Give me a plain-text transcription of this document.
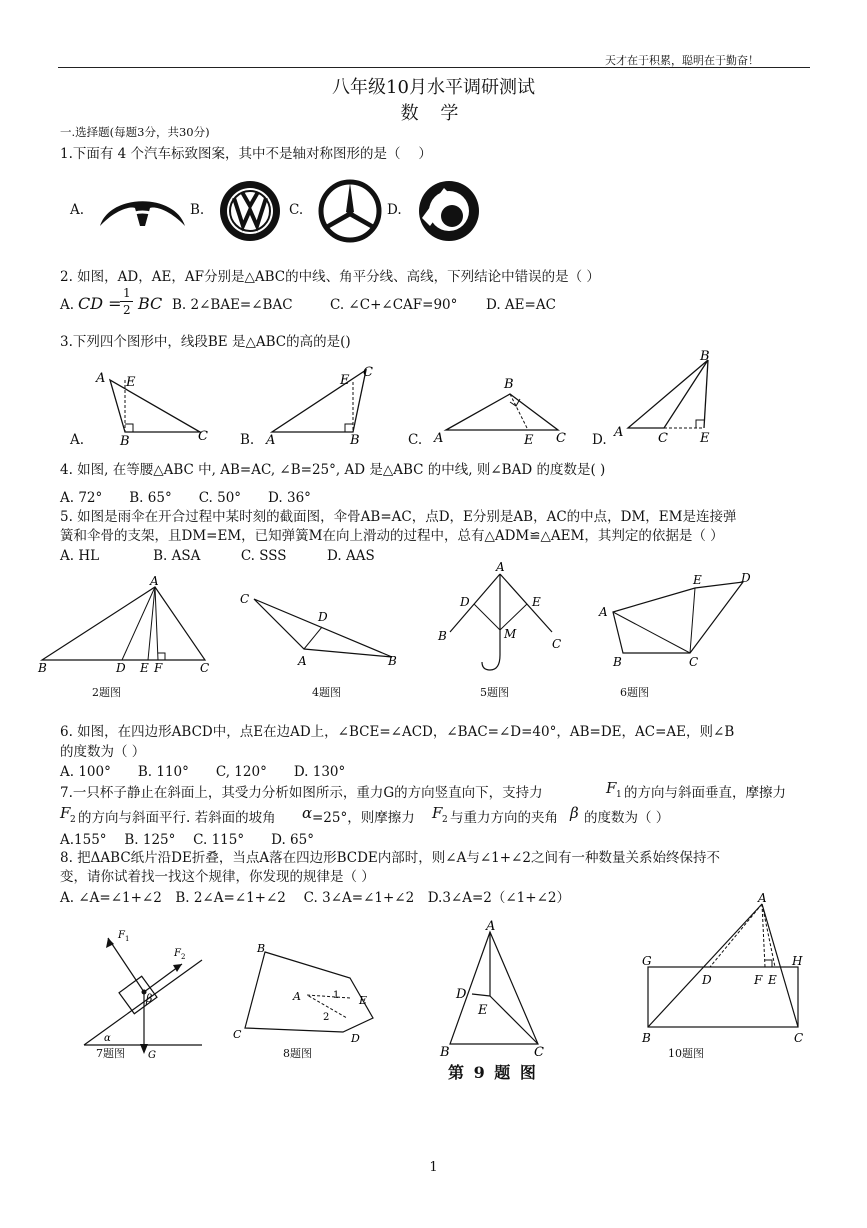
天才在于积累，聪明在于勤奋！
八年级10月水平调研测试
数 学
一.选择题(每题3分，共30分)
1.下面有 4 个汽车标致图案，其中不是轴对称图形的是（　 ）
A.	B.	C.	D.
2. 如图，AD，AE，AF分别是△ABC的中线、角平分线、高线，下列结论中错误的是（ ）
A. CD =
1
2 BC B. 2∠BAE=∠BAC	C. ∠C+∠CAF=90° D. AE=AC
3.下列四个图形中，线段BE 是△ABC的高的是()
A.	B.	C.	D.
A E
B	C	A
E
B
C
A
B
E C	A	C E
B
4. 如图, 在等腰△ABC 中, AB=AC, ∠B=25°, AD 是△ABC 的中线, 则∠BAD 的度数是( )
A. 72°　　B. 65°　　C. 50°　　D. 36°
5. 如图是雨伞在开合过程中某时刻的截面图，伞骨AB=AC，点D，E分别是AB，AC的中点，DM，EM是连接弹
簧和伞骨的支架，且DM=EM，已知弹簧M在向上滑动的过程中，总有△ADM≌△AEM，其判定的依据是（ ）
A. HL　　　　B. ASA　　　C. SSS　　　D. AAS
A
B	D E F	C
2题图
C
D
A	B
4题图
A
D	E
M
B
C
5题图
A
E	D
B	C
6题图
6. 如图，在四边形ABCD中，点E在边AD上，∠BCE=∠ACD，∠BAC=∠D=40°，AB=DE，AC=AE，则∠B
的度数为（ ）
A. 100°　　B. 110°　　C, 120°　　D. 130°
7.一只杯子静止在斜面上，其受力分析如图所示，重力G的方向竖直向下，支持力	F 1 的方向与斜面垂直，摩擦力
F 2 的方向与斜面平行. 若斜面的坡角 α =25°，则摩擦力 F 2 与重力方向的夹角 β 的度数为（ ）
A.155°　 B. 125°　 C. 115°　　D. 65°
8. 把ΔABC纸片沿DE折叠，当点A落在四边形BCDE内部时，则∠A与∠1+∠2之间有一种数量关系始终保持不
变，请你试着找一找这个规律，你发现的规律是（ ）
A. ∠A=∠1+∠2　B. 2∠A=∠1+∠2　 C. 3∠A=∠1+∠2　D.3∠A=2（∠1+∠2）
F 1
F 2
β
α
G
7题图
B
A	1
2
E
C	D
8题图
A
D
E
B	C
第 9 题 图
A
G
D	F E
H
B	C
10题图
1
